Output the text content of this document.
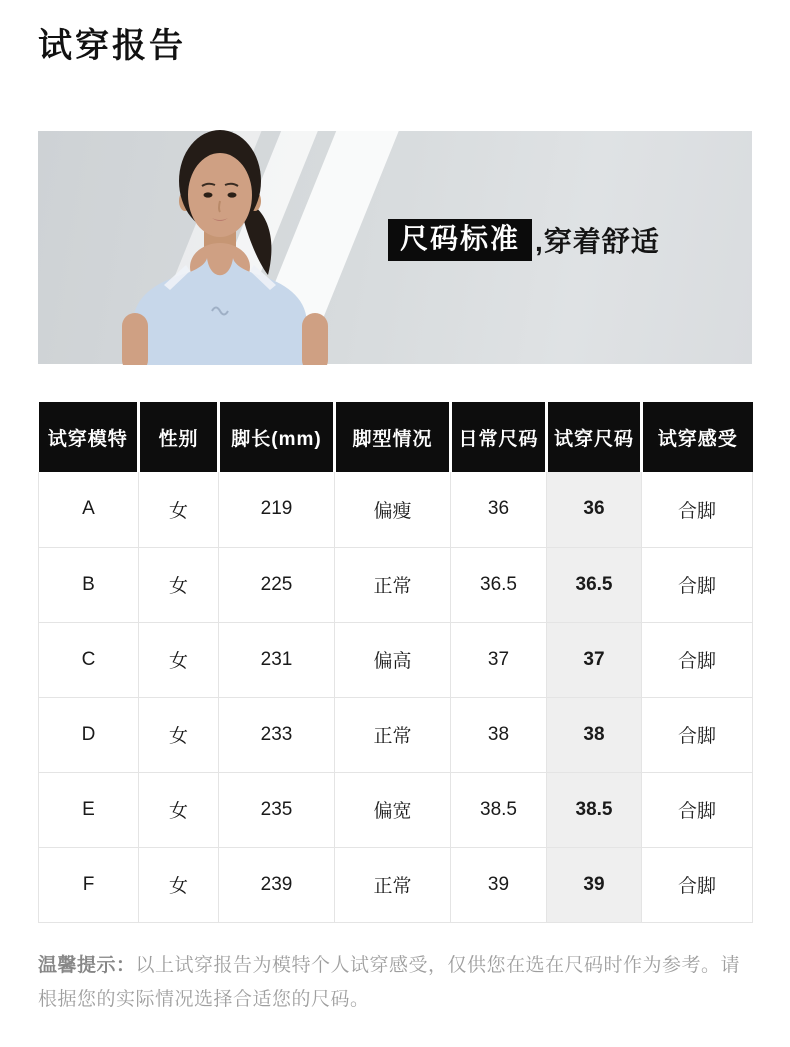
试穿报告
尺码标准 ,穿着舒适
试穿模特	性别	脚长(mm)	脚型情况	日常尺码	试穿尺码	试穿感受
A	女	219	偏瘦	36	36	合脚
B	女	225	正常	36.5	36.5	合脚
C	女	231	偏高	37	37	合脚
D	女	233	正常	38	38	合脚
E	女	235	偏宽	38.5	38.5	合脚
F	女	239	正常	39	39	合脚

温馨提示：以上试穿报告为模特个人试穿感受，仅供您在选在尺码时作为参考。请根据您的实际情况选择合适您的尺码。
